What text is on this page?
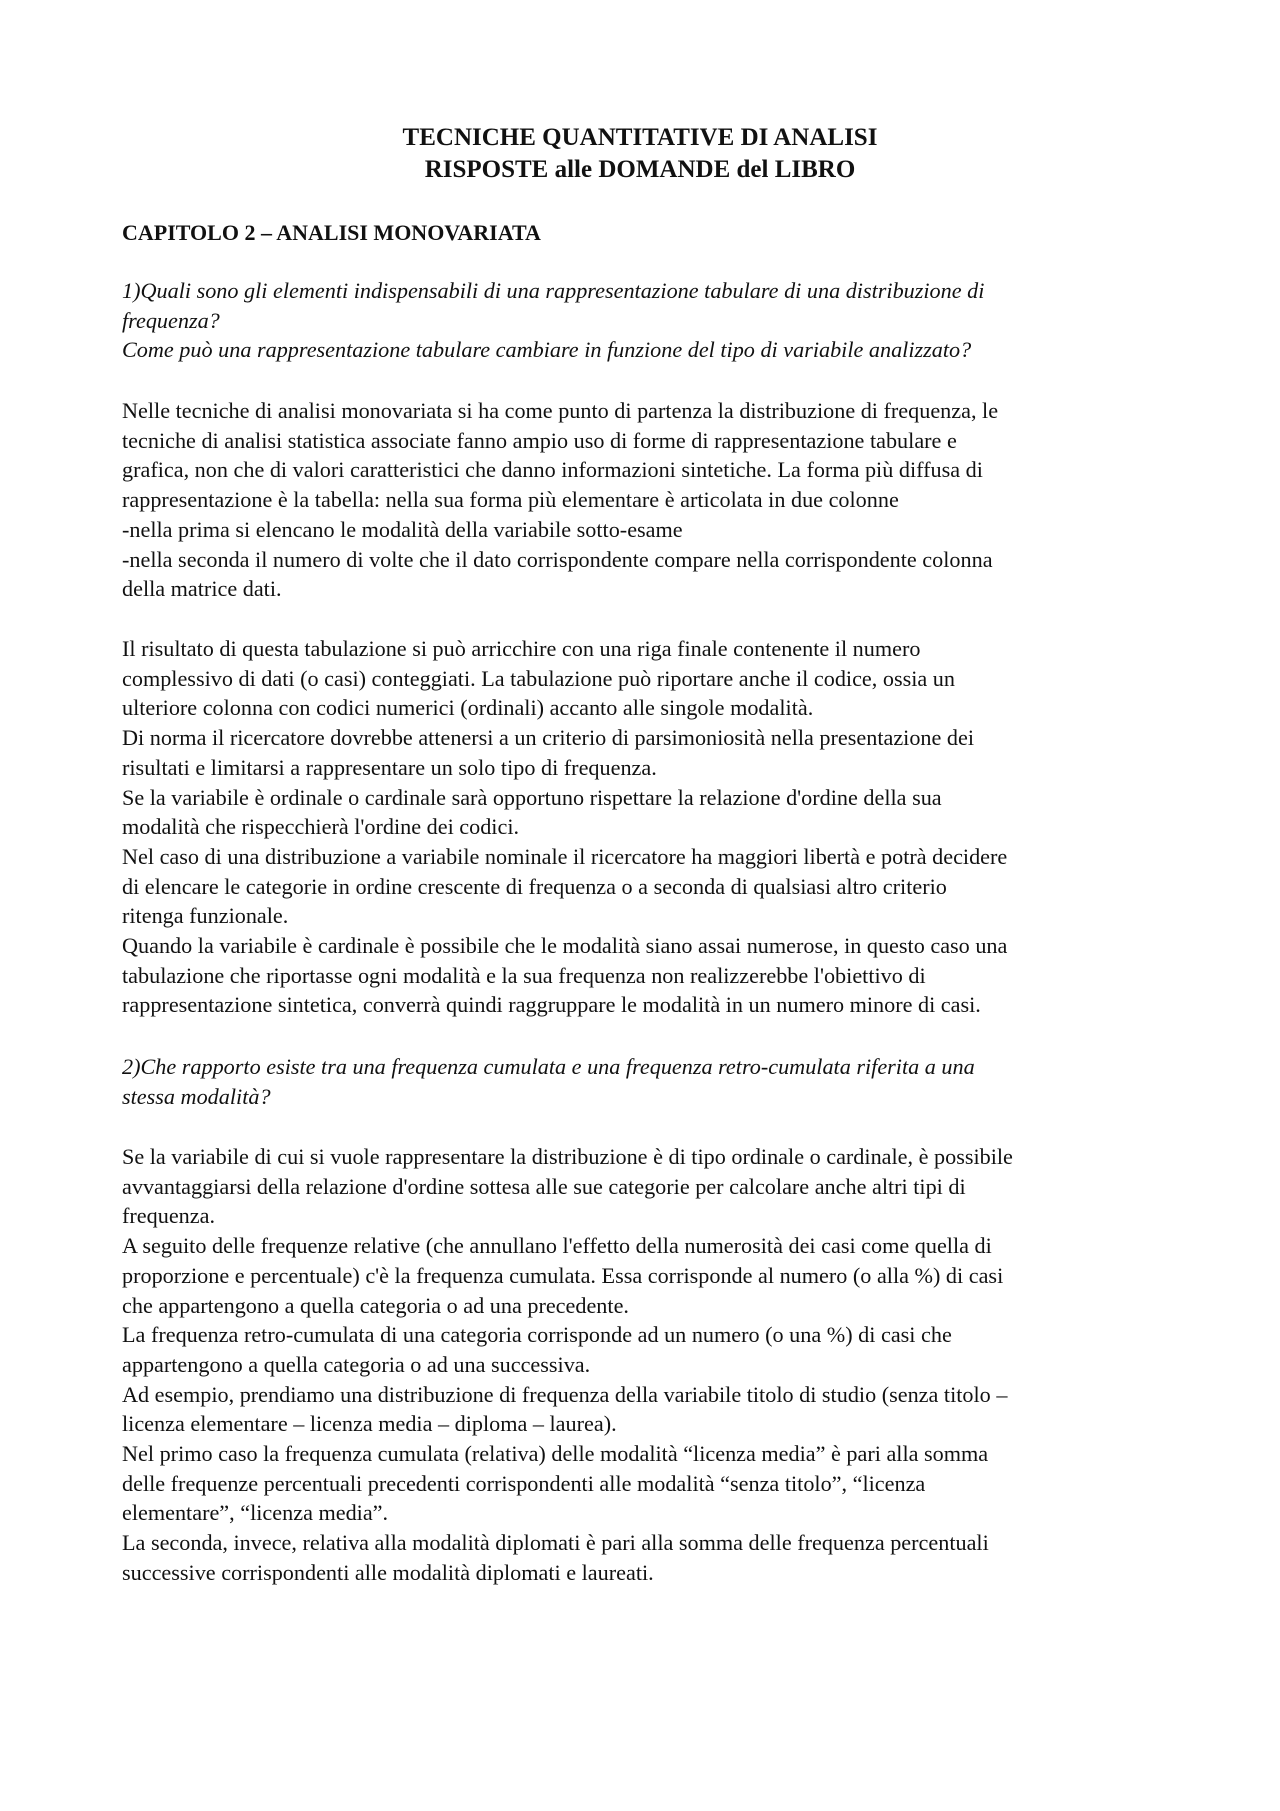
TECNICHE QUANTITATIVE DI ANALISI
RISPOSTE alle DOMANDE del LIBRO
CAPITOLO 2 – ANALISI MONOVARIATA
1)Quali sono gli elementi indispensabili di una rappresentazione tabulare di una distribuzione di
frequenza?
Come può una rappresentazione tabulare cambiare in funzione del tipo di variabile analizzato?
Nelle tecniche di analisi monovariata si ha come punto di partenza la distribuzione di frequenza, le
tecniche di analisi statistica associate fanno ampio uso di forme di rappresentazione tabulare e
grafica, non che di valori caratteristici che danno informazioni sintetiche. La forma più diffusa di
rappresentazione è la tabella: nella sua forma più elementare è articolata in due colonne
-nella prima si elencano le modalità della variabile sotto-esame
-nella seconda il numero di volte che il dato corrispondente compare nella corrispondente colonna
della matrice dati.
Il risultato di questa tabulazione si può arricchire con una riga finale contenente il numero
complessivo di dati (o casi) conteggiati. La tabulazione può riportare anche il codice, ossia un
ulteriore colonna con codici numerici (ordinali) accanto alle singole modalità.
Di norma il ricercatore dovrebbe attenersi a un criterio di parsimoniosità nella presentazione dei
risultati e limitarsi a rappresentare un solo tipo di frequenza.
Se la variabile è ordinale o cardinale sarà opportuno rispettare la relazione d'ordine della sua
modalità che rispecchierà l'ordine dei codici.
Nel caso di una distribuzione a variabile nominale il ricercatore ha maggiori libertà e potrà decidere
di elencare le categorie in ordine crescente di frequenza o a seconda di qualsiasi altro criterio
ritenga funzionale.
Quando la variabile è cardinale è possibile che le modalità siano assai numerose, in questo caso una
tabulazione che riportasse ogni modalità e la sua frequenza non realizzerebbe l'obiettivo di
rappresentazione sintetica, converrà quindi raggruppare le modalità in un numero minore di casi.
2)Che rapporto esiste tra una frequenza cumulata e una frequenza retro-cumulata riferita a una
stessa modalità?
Se la variabile di cui si vuole rappresentare la distribuzione è di tipo ordinale o cardinale, è possibile
avvantaggiarsi della relazione d'ordine sottesa alle sue categorie per calcolare anche altri tipi di
frequenza.
A seguito delle frequenze relative (che annullano l'effetto della numerosità dei casi come quella di
proporzione e percentuale) c'è la frequenza cumulata. Essa corrisponde al numero (o alla %) di casi
che appartengono a quella categoria o ad una precedente.
La frequenza retro-cumulata di una categoria corrisponde ad un numero (o una %) di casi che
appartengono a quella categoria o ad una successiva.
Ad esempio, prendiamo una distribuzione di frequenza della variabile titolo di studio (senza titolo –
licenza elementare – licenza media – diploma – laurea).
Nel primo caso la frequenza cumulata (relativa) delle modalità “licenza media” è pari alla somma
delle frequenze percentuali precedenti corrispondenti alle modalità “senza titolo”, “licenza
elementare”, “licenza media”.
La seconda, invece, relativa alla modalità diplomati è pari alla somma delle frequenza percentuali
successive corrispondenti alle modalità diplomati e laureati.
